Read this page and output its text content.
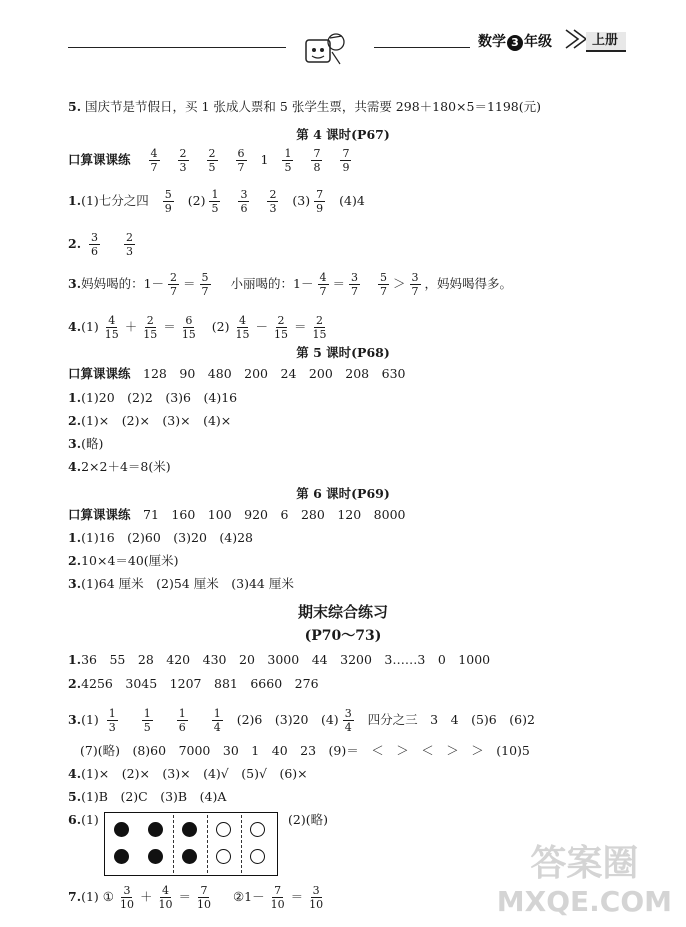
数学 3 年级	上册
5. 国庆节是节假日，买 1 张成人票和 5 张学生票，共需要 298＋180×5＝1198(元)
第 4 课时(P67)
口算课课练 $\frac{4}{7} \frac{2}{3} \frac{2}{5} \frac{6}{7} 1 \frac{1}{5} \frac{7}{8} \frac{7}{9}$
1.(1)七分之四 $\frac{5}{9} (2) \frac{1}{5}$
$\frac{3}{6}$
$\frac{2}{3} (3) \frac{7}{9} (4)4$
2. $\frac{3}{6}$
$\frac{2}{3}$
3.妈妈喝的：$1- \frac{2}{7} = \frac{5}{7}$ 小丽喝的：$1- \frac{4}{7} = \frac{3}{7}$
$\frac{5}{7} > \frac{3}{7}$ ，妈妈喝得多。
$4.(1) \frac{4}{15} + \frac{2}{15} = \frac{6}{15} (2) \frac{4}{15} - \frac{2}{15} = \frac{2}{15}$
第 5 课时(P68)
口算课课练　 128　90　480　200　24　200　208　630
1.(1)20　(2)2　(3)6　(4)16
2.(1)×　(2)×　(3)×　(4)×
3.(略)
4.2×2＋4＝8(米)
第 6 课时(P69)
口算课课练　 71　160　100　920　6　280　120　8000
1.(1)16　(2)60　(3)20　(4)28
2.10×4＝40(厘米)
3.(1)64 厘米　(2)54 厘米　(3)44 厘米
期末综合练习
(P70～73)
1.36　55　28　420　430　20　3000　44　3200　3……3　0　1000
2.4256　3045　1207　881　6660　276
$3.(1) \frac{1}{3}$
$\frac{1}{5}$
$\frac{1}{6}$
$\frac{1}{4} (2)6$　(3)20　$(4) \frac{3}{4}$ 四分之三　3　4　(5)6　(6)2
(7)(略)　(8)60　7000　30　1　40　23　(9)＝　＜　＞　＜　＞　＞　(10)5
4.(1)×　(2)×　(3)×　(4)√　(5)√　(6)×
5.(1)B　(2)C　(3)B　(4)A
6.(1)	(2)(略)
7.(1) ① $\frac{3}{10} + \frac{4}{10} = \frac{7}{10}$ ②1－ $\frac{7}{10} = \frac{3}{10}$
答案圈
MXQE.COM
